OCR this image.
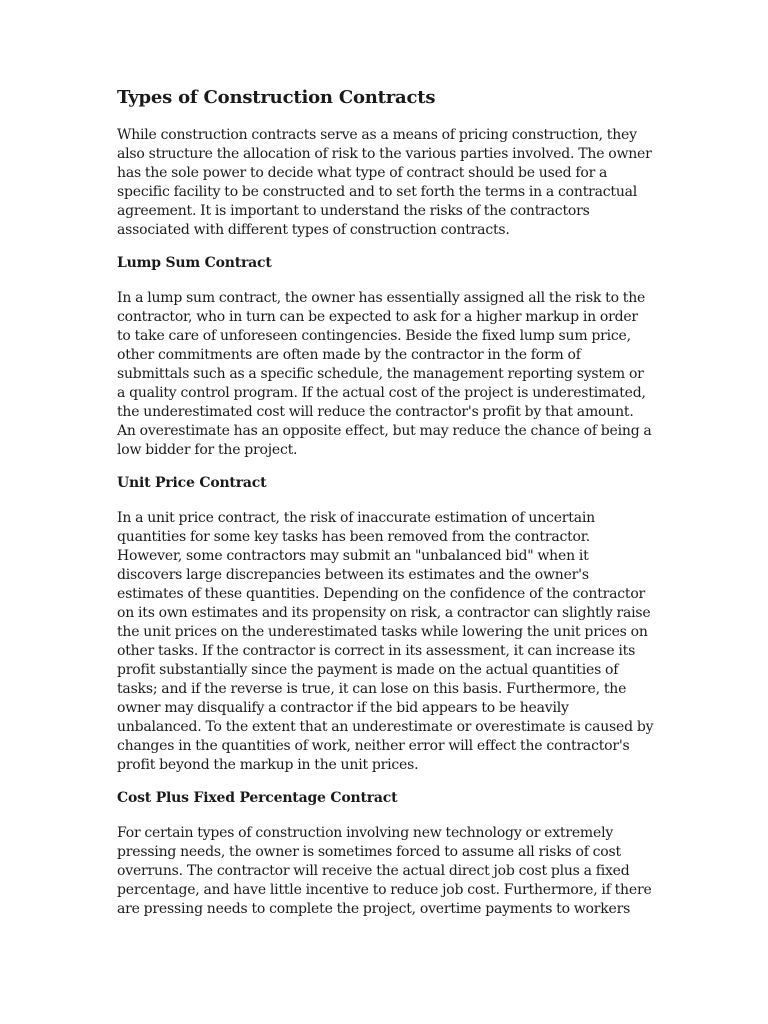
Types of Construction Contracts

While construction contracts serve as a means of pricing construction, they also structure the allocation of risk to the various parties involved. The owner has the sole power to decide what type of contract should be used for a specific facility to be constructed and to set forth the terms in a contractual agreement. It is important to understand the risks of the contractors associated with different types of construction contracts.

Lump Sum Contract

In a lump sum contract, the owner has essentially assigned all the risk to the contractor, who in turn can be expected to ask for a higher markup in order to take care of unforeseen contingencies. Beside the fixed lump sum price, other commitments are often made by the contractor in the form of submittals such as a specific schedule, the management reporting system or a quality control program. If the actual cost of the project is underestimated, the underestimated cost will reduce the contractor's profit by that amount. An overestimate has an opposite effect, but may reduce the chance of being a low bidder for the project.

Unit Price Contract

In a unit price contract, the risk of inaccurate estimation of uncertain quantities for some key tasks has been removed from the contractor. However, some contractors may submit an "unbalanced bid" when it discovers large discrepancies between its estimates and the owner's estimates of these quantities. Depending on the confidence of the contractor on its own estimates and its propensity on risk, a contractor can slightly raise the unit prices on the underestimated tasks while lowering the unit prices on other tasks. If the contractor is correct in its assessment, it can increase its profit substantially since the payment is made on the actual quantities of tasks; and if the reverse is true, it can lose on this basis. Furthermore, the owner may disqualify a contractor if the bid appears to be heavily unbalanced. To the extent that an underestimate or overestimate is caused by changes in the quantities of work, neither error will effect the contractor's profit beyond the markup in the unit prices.

Cost Plus Fixed Percentage Contract

For certain types of construction involving new technology or extremely pressing needs, the owner is sometimes forced to assume all risks of cost overruns. The contractor will receive the actual direct job cost plus a fixed percentage, and have little incentive to reduce job cost. Furthermore, if there are pressing needs to complete the project, overtime payments to workers
